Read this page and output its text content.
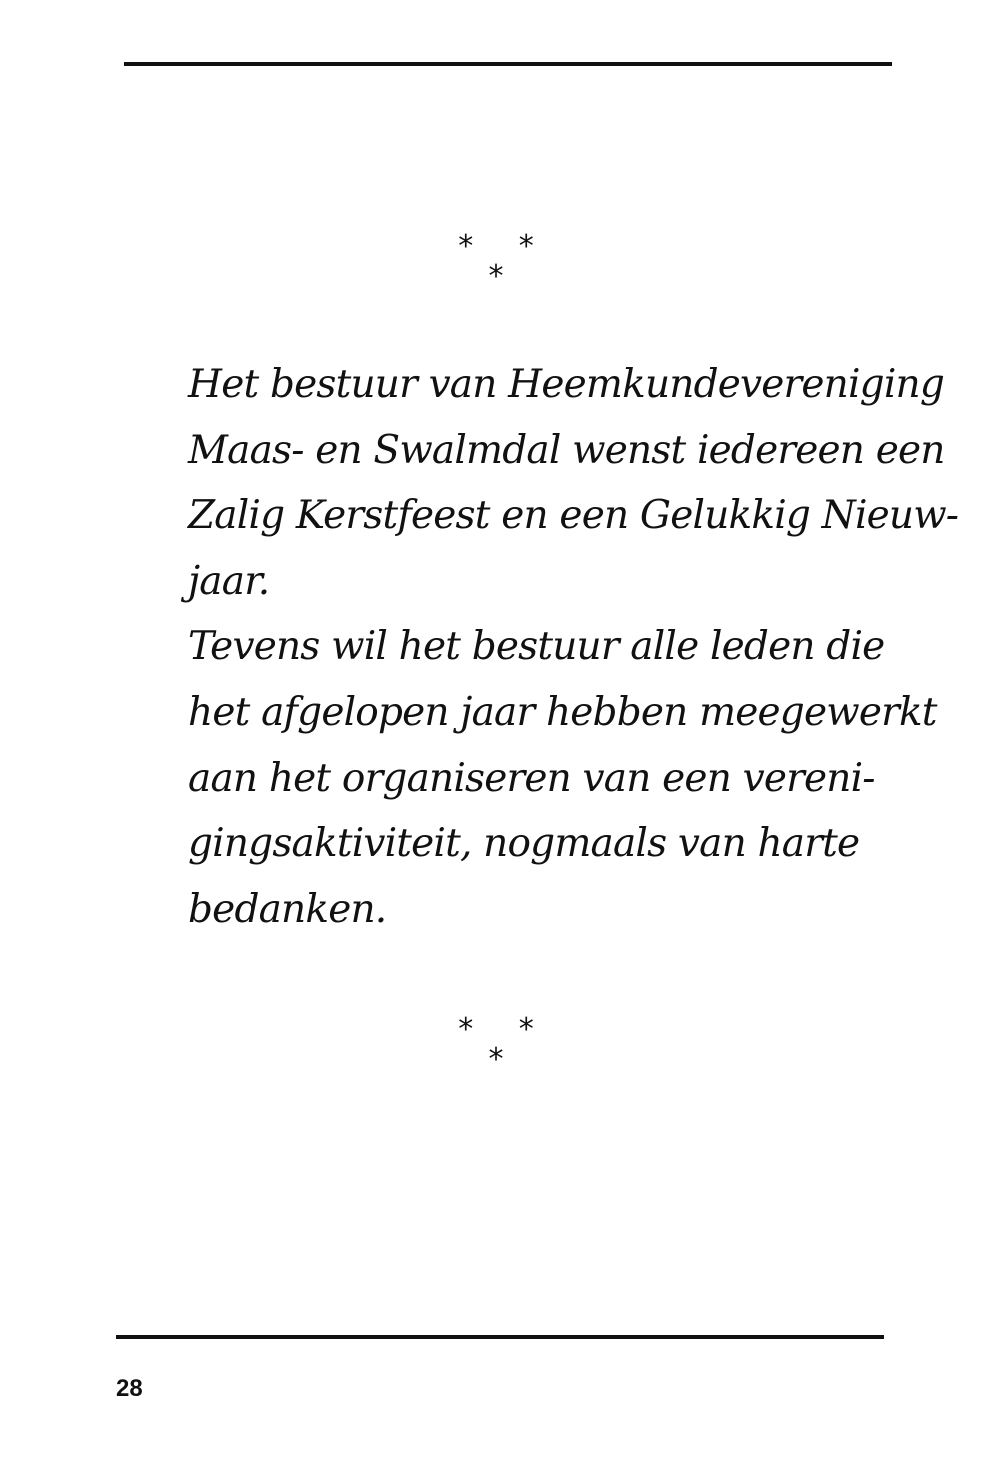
* * *
Het bestuur van Heemkundevereniging
Maas- en Swalmdal wenst iedereen een
Zalig Kerstfeest en een Gelukkig Nieuw-
jaar.
Tevens wil het bestuur alle leden die
het afgelopen jaar hebben meegewerkt
aan het organiseren van een vereni-
gingsaktiviteit, nogmaals van harte
bedanken.
* * *
28
